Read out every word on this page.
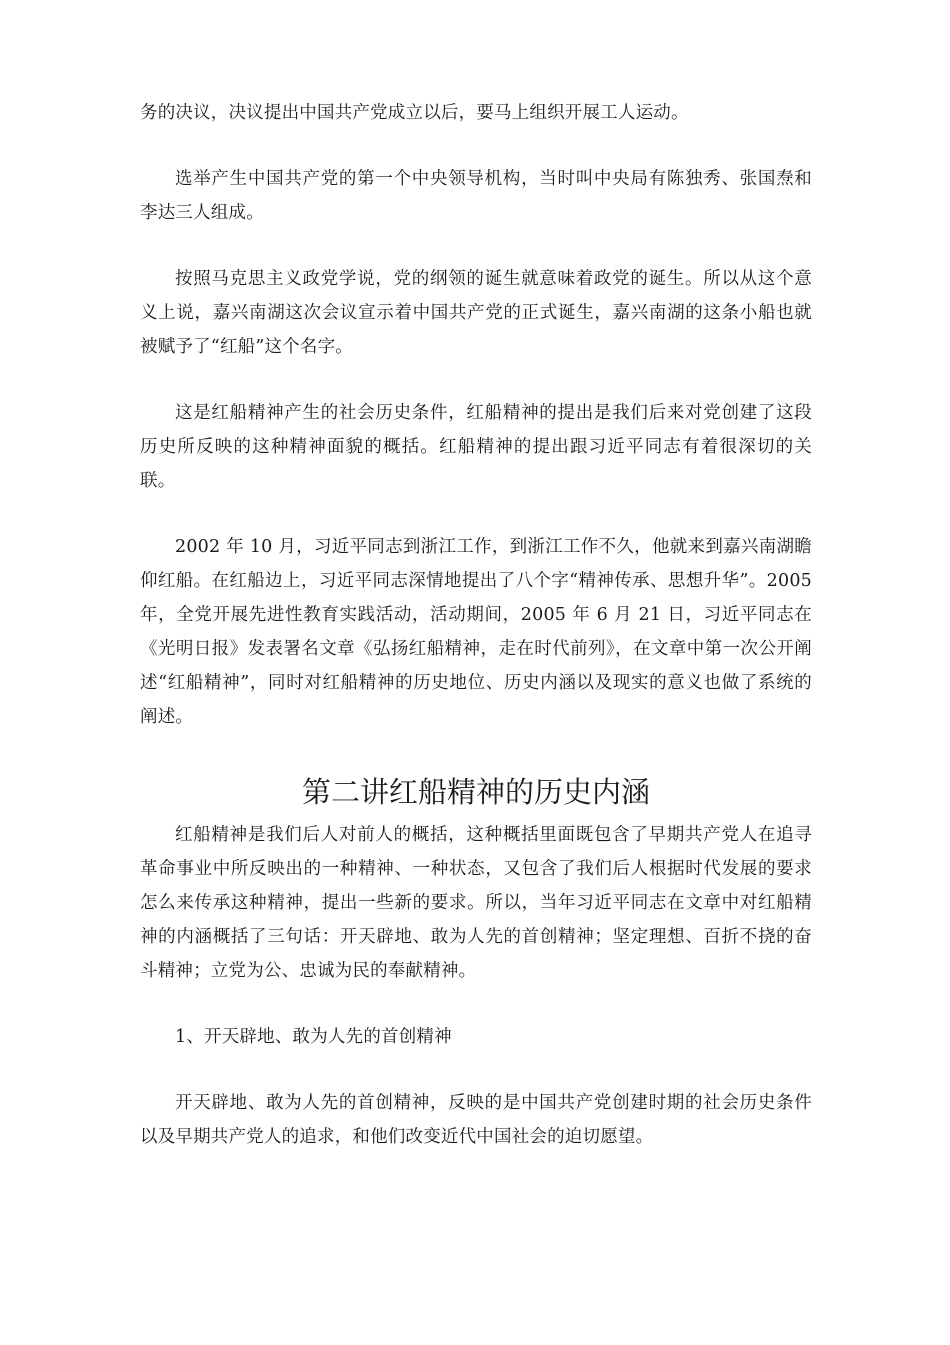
务的决议，决议提出中国共产党成立以后，要马上组织开展工人运动。

选举产生中国共产党的第一个中央领导机构，当时叫中央局有陈独秀、张国焘和李达三人组成。

按照马克思主义政党学说，党的纲领的诞生就意味着政党的诞生。所以从这个意义上说，嘉兴南湖这次会议宣示着中国共产党的正式诞生，嘉兴南湖的这条小船也就被赋予了“红船”这个名字。

这是红船精神产生的社会历史条件，红船精神的提出是我们后来对党创建了这段历史所反映的这种精神面貌的概括。红船精神的提出跟习近平同志有着很深切的关联。

2002 年 10 月，习近平同志到浙江工作，到浙江工作不久，他就来到嘉兴南湖瞻仰红船。在红船边上，习近平同志深情地提出了八个字“精神传承、思想升华”。2005 年，全党开展先进性教育实践活动，活动期间，2005 年 6 月 21 日，习近平同志在《光明日报》发表署名文章《弘扬红船精神，走在时代前列》，在文章中第一次公开阐述“红船精神”，同时对红船精神的历史地位、历史内涵以及现实的意义也做了系统的阐述。

第二讲红船精神的历史内涵

红船精神是我们后人对前人的概括，这种概括里面既包含了早期共产党人在追寻革命事业中所反映出的一种精神、一种状态，又包含了我们后人根据时代发展的要求怎么来传承这种精神，提出一些新的要求。所以，当年习近平同志在文章中对红船精神的内涵概括了三句话：开天辟地、敢为人先的首创精神；坚定理想、百折不挠的奋斗精神；立党为公、忠诚为民的奉献精神。

1、开天辟地、敢为人先的首创精神

开天辟地、敢为人先的首创精神，反映的是中国共产党创建时期的社会历史条件以及早期共产党人的追求，和他们改变近代中国社会的迫切愿望。
